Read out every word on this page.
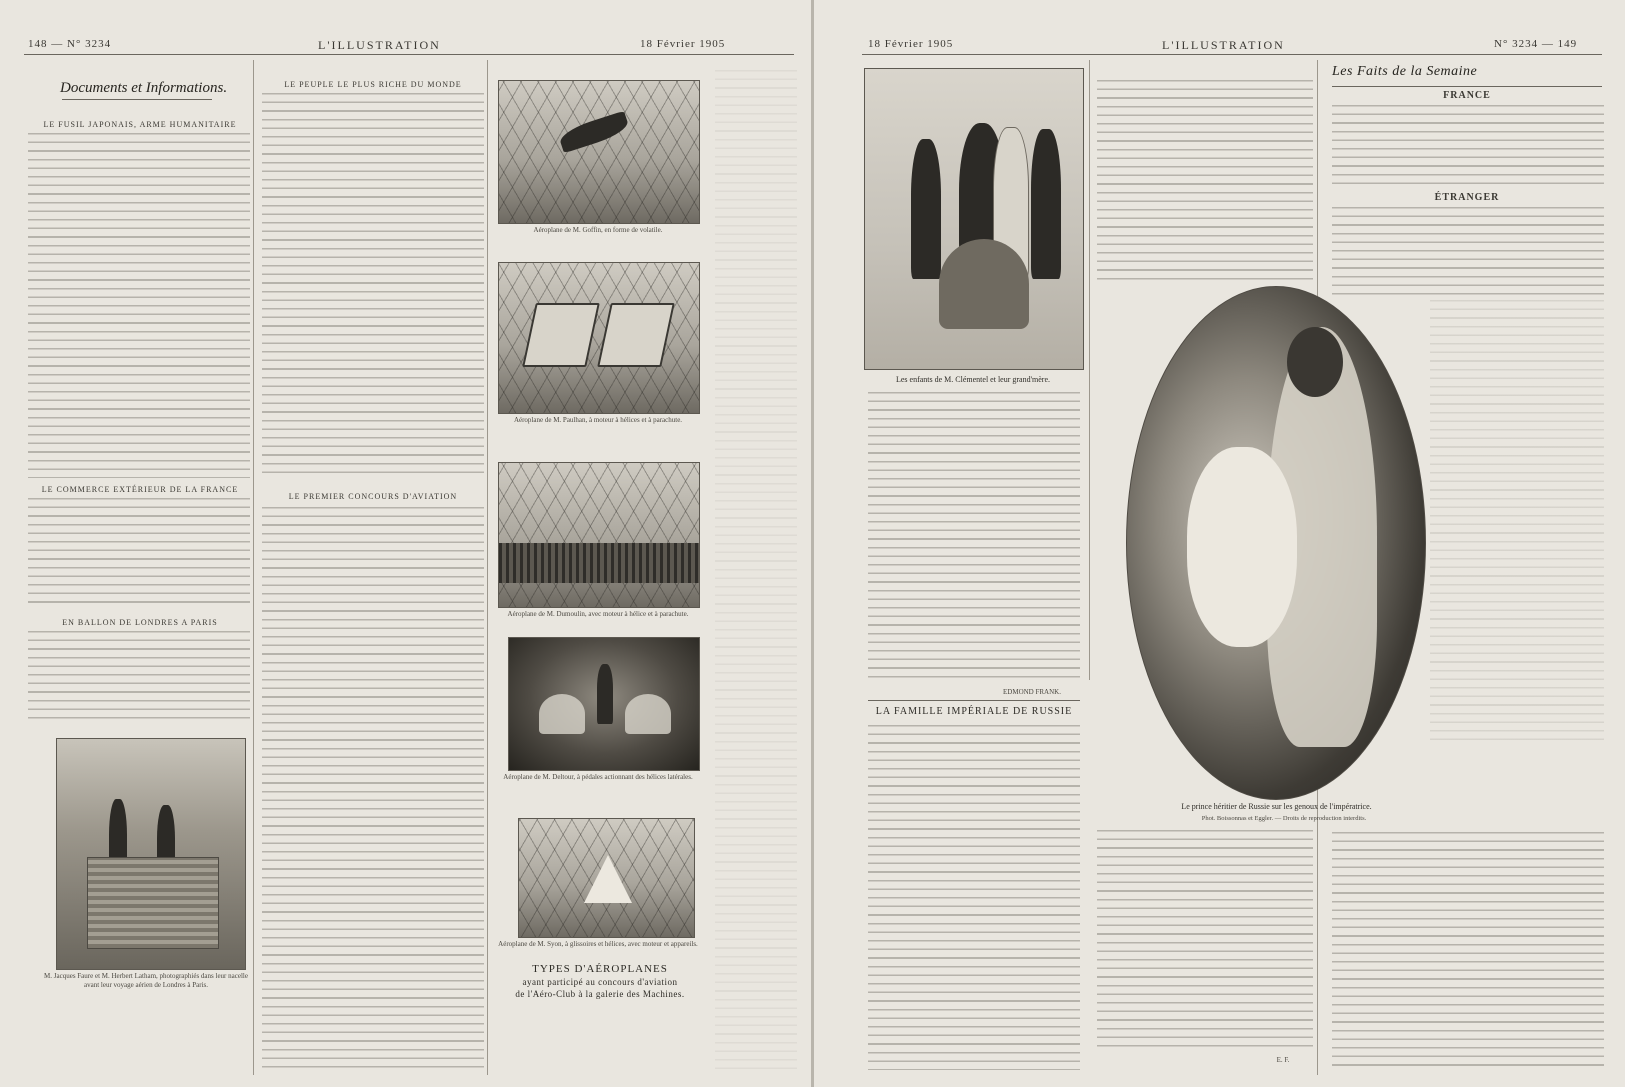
148 — N° 3234	L'ILLUSTRATION	18 Février 1905
Documents et Informations.
LE FUSIL JAPONAIS, ARME HUMANITAIRE
LE COMMERCE EXTÉRIEUR DE LA FRANCE
EN BALLON DE LONDRES A PARIS
M. Jacques Faure et M. Herbert Latham, photographiés dans leur nacelle avant leur voyage aérien de Londres à Paris.
LE PEUPLE LE PLUS RICHE DU MONDE
LE PREMIER CONCOURS D'AVIATION
Aéroplane de M. Goffin, en forme de volatile.
Aéroplane de M. Paulhan, à moteur à hélices et à parachute.
Aéroplane de M. Dumoulin, avec moteur à hélice et à parachute.
Aéroplane de M. Deltour, à pédales actionnant des hélices latérales.
Aéroplane de M. Syon, à glissoires et hélices, avec moteur et appareils.
TYPES D'AÉROPLANES
ayant participé au concours d'aviation
de l'Aéro-Club à la galerie des Machines.
18 Février 1905	L'ILLUSTRATION	N° 3234 — 149
Les enfants de M. Clémentel et leur grand'mère.
EDMOND FRANK.
LA FAMILLE IMPÉRIALE DE RUSSIE
Le prince héritier de Russie sur les genoux de l'impératrice.
Phot. Boissonnas et Eggler. — Droits de reproduction interdits.
E. F.
Les Faits de la Semaine
FRANCE
ÉTRANGER
